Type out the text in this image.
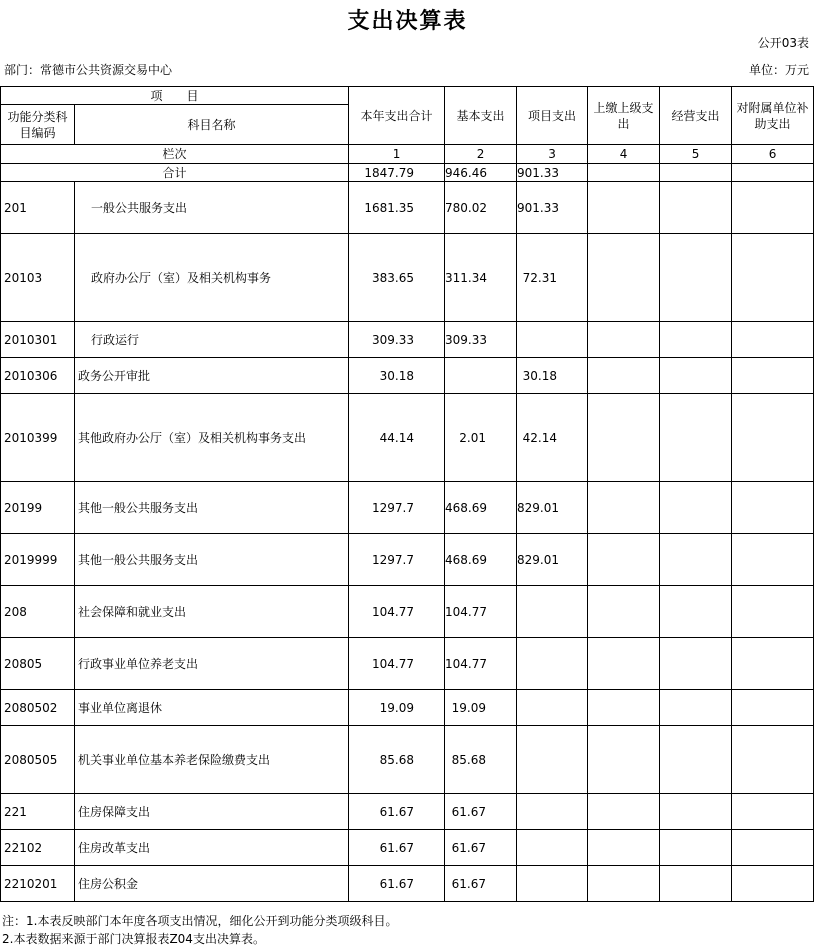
支出决算表
公开03表
部门：常德市公共资源交易中心	单位：万元
项　　目		本年支出合计	基本支出	项目支出	上缴上级支出	经营支出	对附属单位补助支出
功能分类科目编码	科目名称						
栏次		1	2	3	4	5	6
合计		1847.79	946.46	901.33			
201	一般公共服务支出	1681.35	780.02	901.33			
20103	政府办公厅（室）及相关机构事务	383.65	311.34	72.31			
2010301	行政运行	309.33	309.33				
2010306	政务公开审批	30.18		30.18			
2010399	其他政府办公厅（室）及相关机构事务支出	44.14	2.01	42.14			
20199	其他一般公共服务支出	1297.7	468.69	829.01			
2019999	其他一般公共服务支出	1297.7	468.69	829.01			
208	社会保障和就业支出	104.77	104.77				
20805	行政事业单位养老支出	104.77	104.77				
2080502	事业单位离退休	19.09	19.09				
2080505	机关事业单位基本养老保险缴费支出	85.68	85.68				
221	住房保障支出	61.67	61.67				
22102	住房改革支出	61.67	61.67				
2210201	住房公积金	61.67	61.67				
注：1.本表反映部门本年度各项支出情况，细化公开到功能分类项级科目。
2.本表数据来源于部门决算报表Z04支出决算表。
